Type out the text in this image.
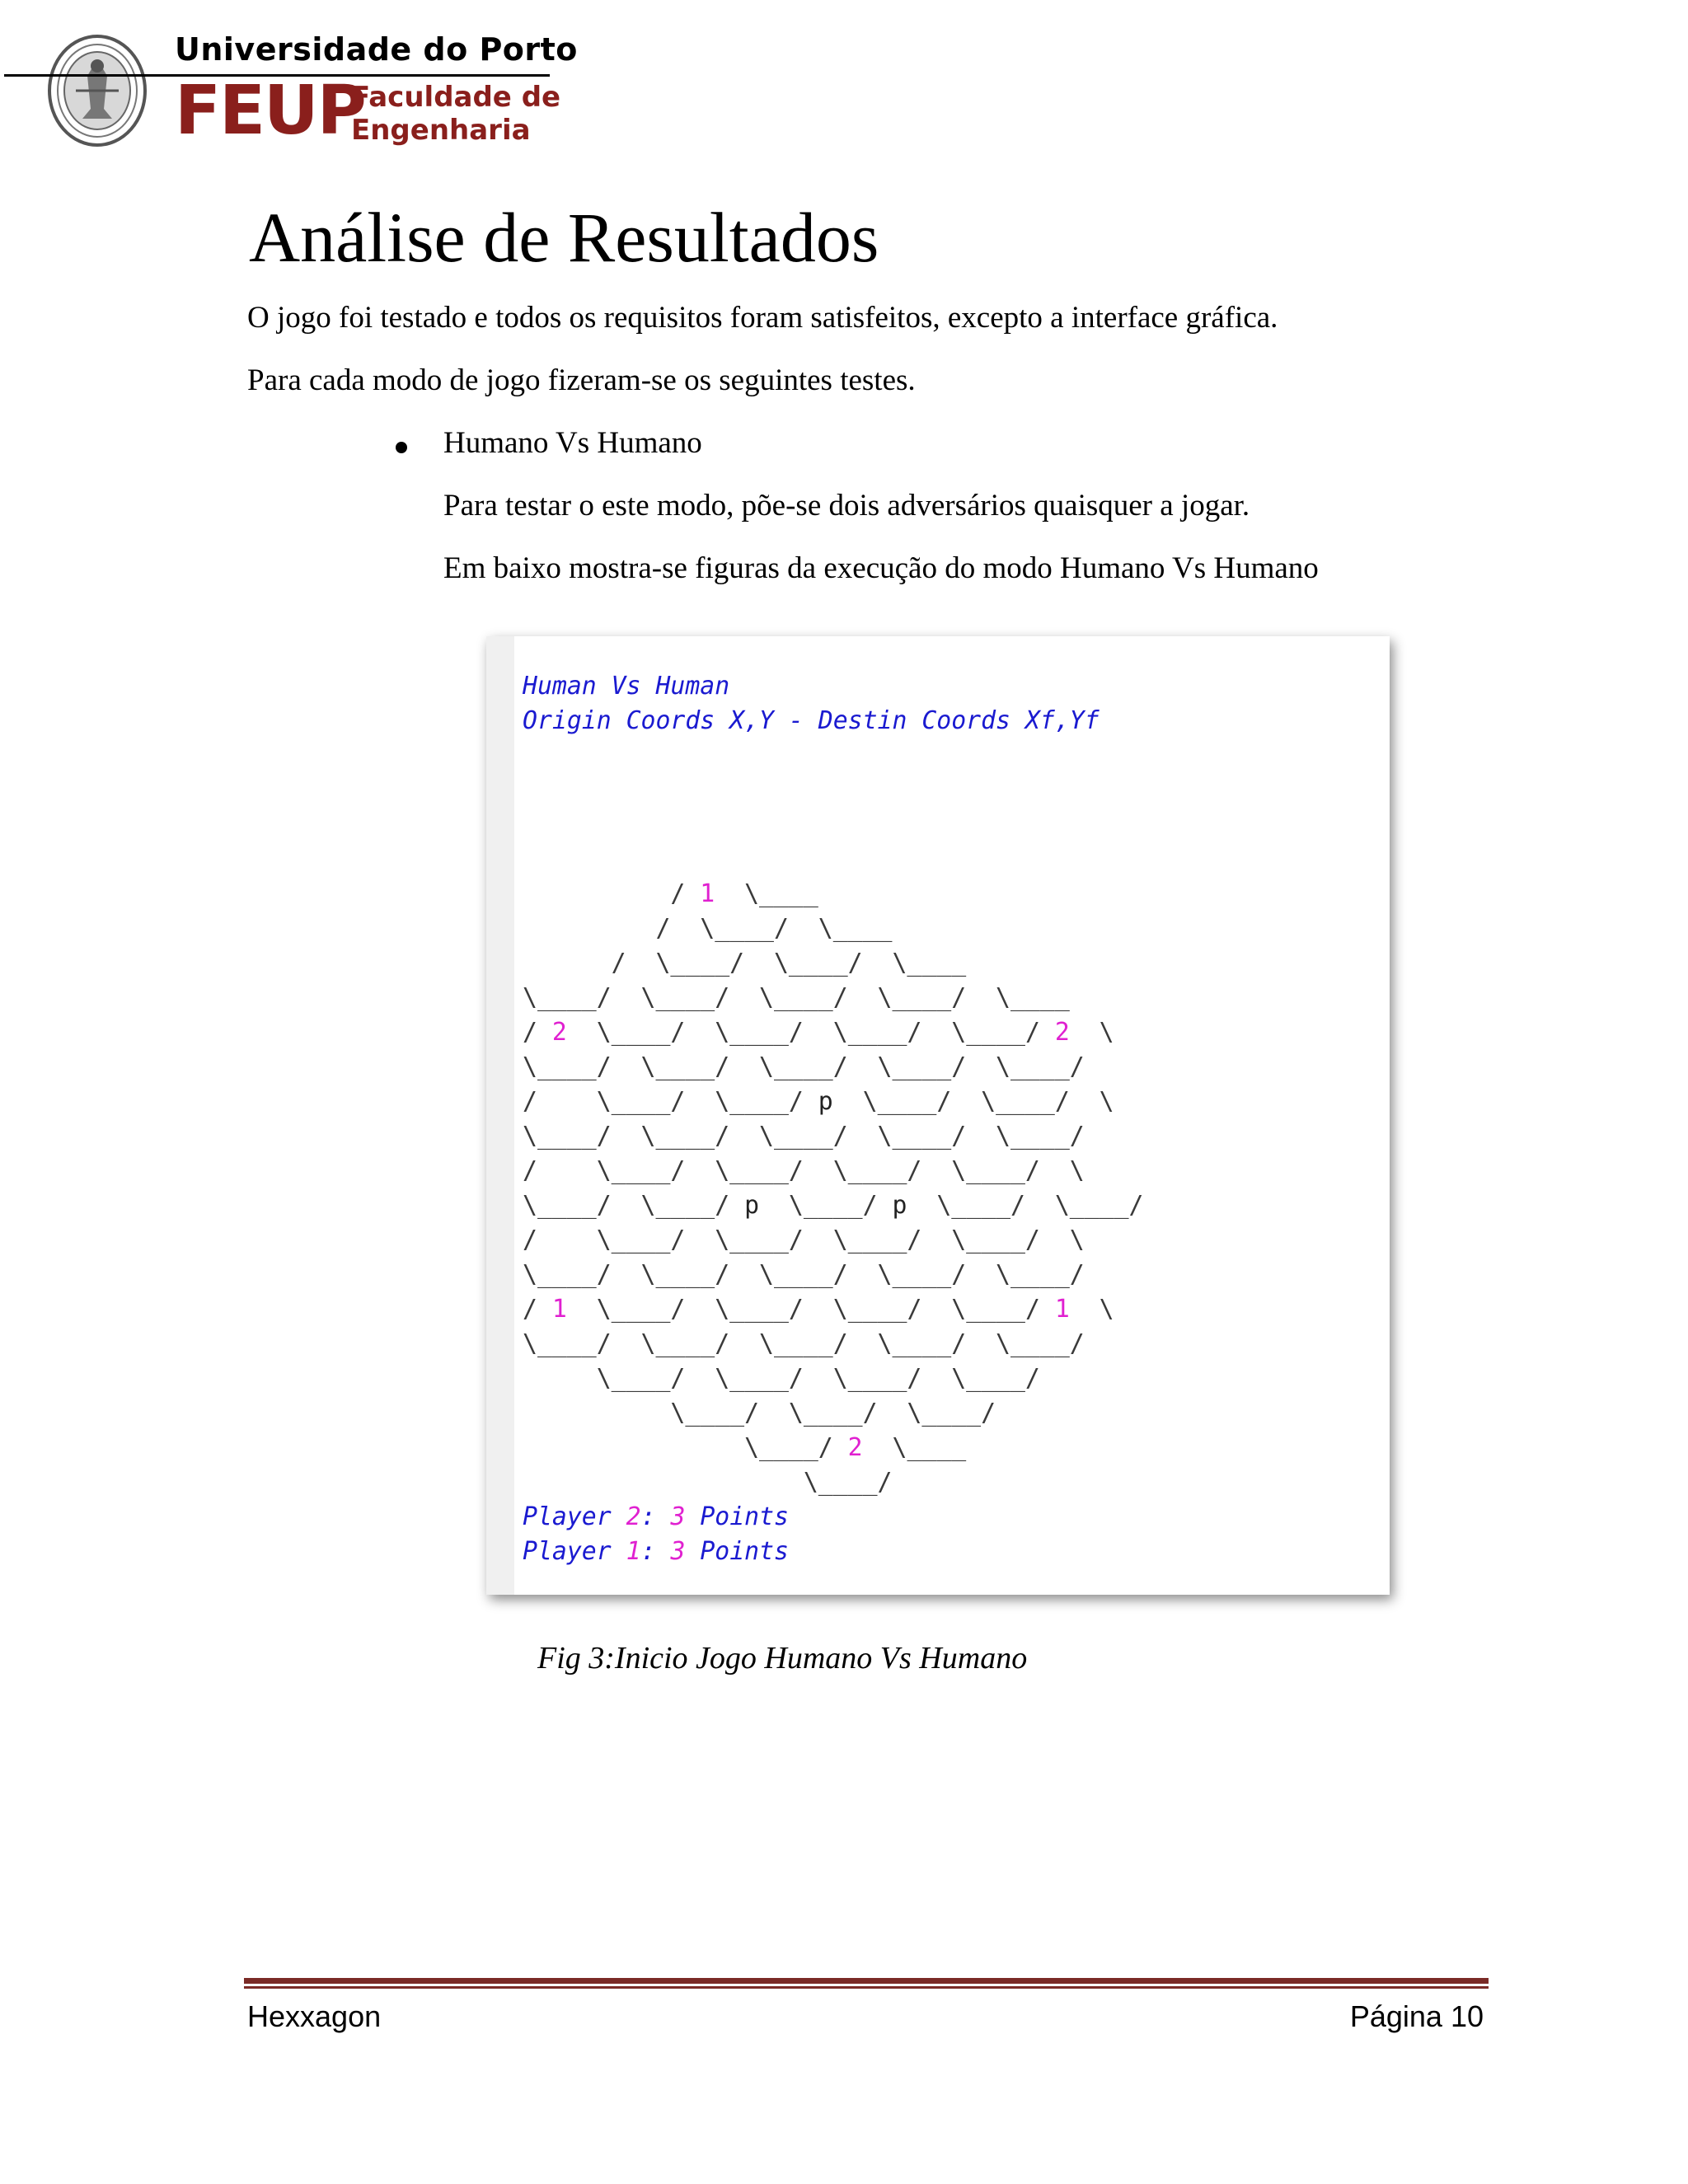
Universidade do Porto
FEUP
Faculdade de
Engenharia
Análise de Resultados
O jogo foi testado e todos os requisitos foram satisfeitos, excepto a interface gráfica.
Para cada modo de jogo fizeram-se os seguintes testes.
Humano Vs Humano
Para testar o este modo, põe-se dois adversários quaisquer a jogar.
Em baixo mostra-se figuras da execução do modo Humano Vs Humano
Human Vs Human
Origin Coords X,Y - Destin Coords Xf,Yf

/ 1  \____
/  \____/  \____
/  \____/  \____/  \____
\____/  \____/  \____/  \____/  \____
/ 2  \____/  \____/  \____/  \____/ 2  \
\____/  \____/  \____/  \____/  \____/
/    \____/  \____/ p  \____/  \____/  \
\____/  \____/  \____/  \____/  \____/
/    \____/  \____/  \____/  \____/  \
\____/  \____/ p  \____/ p  \____/  \____/
/    \____/  \____/  \____/  \____/  \
\____/  \____/  \____/  \____/  \____/
/ 1  \____/  \____/  \____/  \____/ 1  \
\____/  \____/  \____/  \____/  \____/
\____/  \____/  \____/  \____/
\____/  \____/  \____/
\____/ 2  \____
\____/
Player 2: 3 Points
Player 1: 3 Points
Fig 3:Inicio Jogo Humano Vs Humano
Hexxagon	Página 10
